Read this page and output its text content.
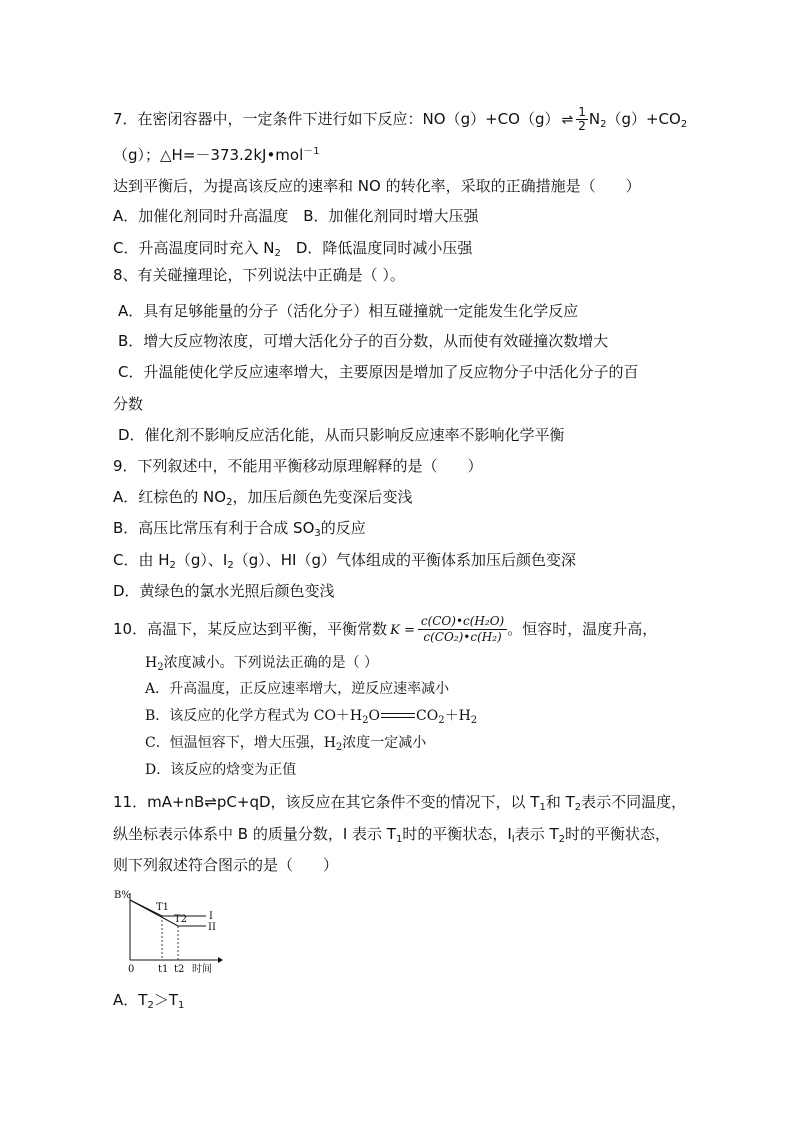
7．在密闭容器中，一定条件下进行如下反应：NO（g）+CO（g） ⇌ $\frac{1}{2} N_2(g)+CO_2$
（g）；△H=－373.2kJ•mol$^{-1}$
达到平衡后，为提高该反应的速率和 NO 的转化率，采取的正确措施是（　　）
A．加催化剂同时升高温度　B．加催化剂同时增大压强
C．升高温度同时充入 $N_2$　D．降低温度同时减小压强
8、有关碰撞理论，下列说法中正确是（ ）。
A．具有足够能量的分子（活化分子）相互碰撞就一定能发生化学反应
B．增大反应物浓度，可增大活化分子的百分数，从而使有效碰撞次数增大
C．升温能使化学反应速率增大，主要原因是增加了反应物分子中活化分子的百
分数
D．催化剂不影响反应活化能，从而只影响反应速率不影响化学平衡
9．下列叙述中，不能用平衡移动原理解释的是（　　）
A．红棕色的 $NO_2$，加压后颜色先变深后变浅
B．高压比常压有利于合成 $SO_3$的反应
C．由 $H_2(g)$、$I_2(g)$、HI（g）气体组成的平衡体系加压后颜色变深
D．黄绿色的氯水光照后颜色变浅
10．高温下，某反应达到平衡，平衡常数 $K = \frac{\text{c(CO)•c(H₂O)}}{\text{c(CO₂)•c(H₂)}}$ 。恒容时，温度升高，
$H_2$浓度减小。下列说法正确的是（ ）
A．升高温度，正反应速率增大，逆反应速率减小
B．该反应的化学方程式为 $CO+H_2O$	$CO_2+H_2$
C．恒温恒容下，增大压强，$H_2$浓度一定减小
D．该反应的焓变为正值
11．mA+nB⇌pC+qD，该反应在其它条件不变的情况下，以 $T_1$和 $T_2$表示不同温度，
纵坐标表示体系中 B 的质量分数，I 表示 $T_1$时的平衡状态，$I_I$表示 $T_2$时的平衡状态，
则下列叙述符合图示的是（　　）
B%
0
T1
T2 I
II
t1 t2 时间
A．$T_2>T_1$
